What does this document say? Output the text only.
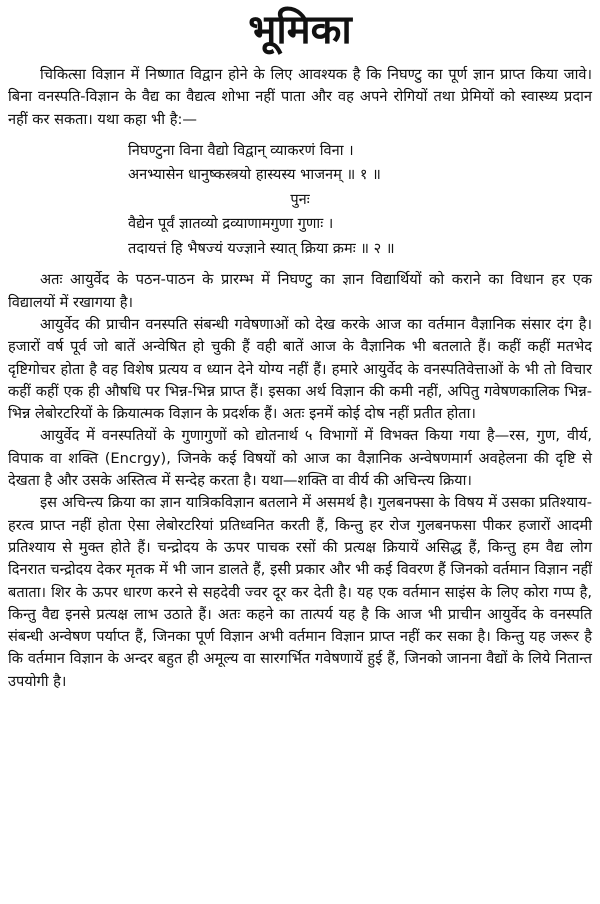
भूमिका

चिकित्सा विज्ञान में निष्णात विद्वान होने के लिए आवश्यक है कि निघण्टु का पूर्ण ज्ञान प्राप्त किया जावे। बिना वनस्पति-विज्ञान के वैद्य का वैद्यत्व शोभा नहीं पाता और वह अपने रोगियों तथा प्रेमियों को स्वास्थ्य प्रदान नहीं कर सकता। यथा कहा भी है:—

निघण्टुना विना वैद्यो विद्वान् व्याकरणं विना ।

अनभ्यासेन धानुष्कस्त्रयो हास्यस्य भाजनम् ॥ १ ॥

पुनः

वैद्येन पूर्वं ज्ञातव्यो द्रव्याणामगुणा गुणाः ।

तदायत्तं हि भैषज्यं यज्ज्ञाने स्यात् क्रिया क्रमः ॥ २ ॥

अतः आयुर्वेद के पठन-पाठन के प्रारम्भ में निघण्टु का ज्ञान विद्यार्थियों को कराने का विधान हर एक विद्यालयों में रखागया है।

आयुर्वेद की प्राचीन वनस्पति संबन्धी गवेषणाओं को देख करके आज का वर्तमान वैज्ञानिक संसार दंग है। हजारों वर्ष पूर्व जो बातें अन्वेषित हो चुकी हैं वही बातें आज के वैज्ञानिक भी बतलाते हैं। कहीं कहीं मतभेद दृष्टिगोचर होता है वह विशेष प्रत्यय व ध्यान देने योग्य नहीं हैं। हमारे आयुर्वेद के वनस्पतिवेत्ताओं के भी तो विचार कहीं कहीं एक ही औषधि पर भिन्न-भिन्न प्राप्त हैं। इसका अर्थ विज्ञान की कमी नहीं, अपितु गवेषणकालिक भिन्न-भिन्न लेबोरटरियों के क्रियात्मक विज्ञान के प्रदर्शक हैं। अतः इनमें कोई दोष नहीं प्रतीत होता।

आयुर्वेद में वनस्पतियों के गुणागुणों को द्योतनार्थ ५ विभागों में विभक्त किया गया है—रस, गुण, वीर्य, विपाक वा शक्ति (Encrgy), जिनके कई विषयों को आज का वैज्ञानिक अन्वेषणमार्ग अवहेलना की दृष्टि से देखता है और उसके अस्तित्व में सन्देह करता है। यथा—शक्ति वा वीर्य की अचिन्त्य क्रिया।

इस अचिन्त्य क्रिया का ज्ञान यात्रिकविज्ञान बतलाने में असमर्थ है। गुलबनफ्सा के विषय में उसका प्रतिश्याय-हरत्व प्राप्त नहीं होता ऐसा लेबोरटरियां प्रतिध्वनित करती हैं, किन्तु हर रोज गुलबनफसा पीकर हजारों आदमी प्रतिश्याय से मुक्त होते हैं। चन्द्रोदय के ऊपर पाचक रसों की प्रत्यक्ष क्रियायें असिद्ध हैं, किन्तु हम वैद्य लोग दिनरात चन्द्रोदय देकर मृतक में भी जान डालते हैं, इसी प्रकार और भी कई विवरण हैं जिनको वर्तमान विज्ञान नहीं बताता। शिर के ऊपर धारण करने से सहदेवी ज्वर दूर कर देती है। यह एक वर्तमान साइंस के लिए कोरा गप्प है, किन्तु वैद्य इनसे प्रत्यक्ष लाभ उठाते हैं। अतः कहने का तात्पर्य यह है कि आज भी प्राचीन आयुर्वेद के वनस्पति संबन्धी अन्वेषण पर्याप्त हैं, जिनका पूर्ण विज्ञान अभी वर्तमान विज्ञान प्राप्त नहीं कर सका है। किन्तु यह जरूर है कि वर्तमान विज्ञान के अन्दर बहुत ही अमूल्य वा सारगर्भित गवेषणायें हुई हैं, जिनको जानना वैद्यों के लिये नितान्त उपयोगी है।
